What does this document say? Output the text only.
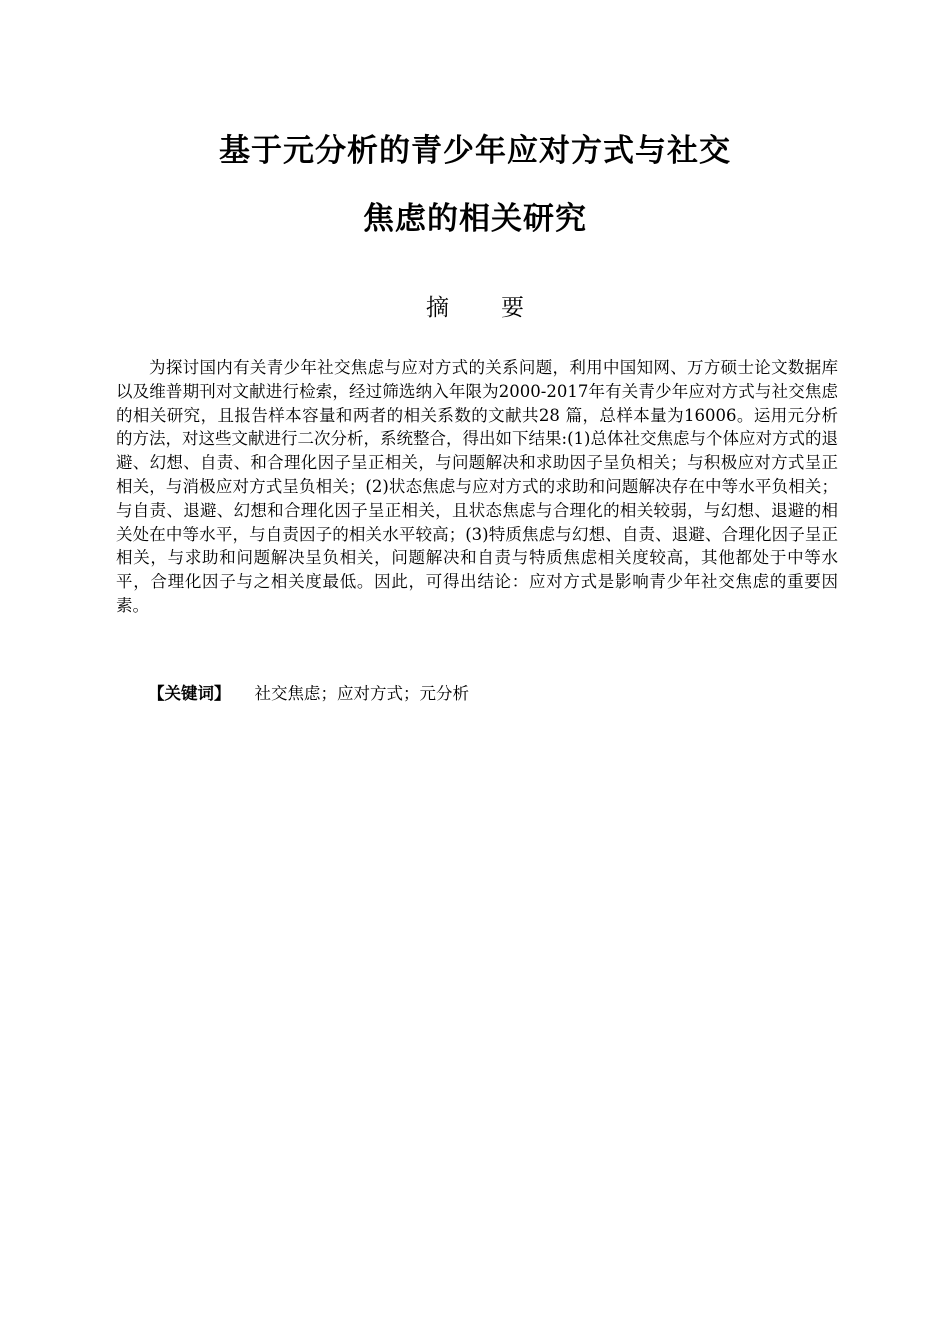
基于元分析的青少年应对方式与社交
焦虑的相关研究
摘 要

为探讨国内有关青少年社交焦虑与应对方式的关系问题，利用中国知网、万方硕士论文数据库以及维普期刊对文献进行检索，经过筛选纳入年限为2000-2017年有关青少年应对方式与社交焦虑的相关研究，且报告样本容量和两者的相关系数的文献共28 篇，总样本量为16006。运用元分析的方法，对这些文献进行二次分析，系统整合，得出如下结果:(1)总体社交焦虑与个体应对方式的退避、幻想、自责、和合理化因子呈正相关，与问题解决和求助因子呈负相关；与积极应对方式呈正相关，与消极应对方式呈负相关；(2)状态焦虑与应对方式的求助和问题解决存在中等水平负相关；与自责、退避、幻想和合理化因子呈正相关，且状态焦虑与合理化的相关较弱，与幻想、退避的相关处在中等水平，与自责因子的相关水平较高；(3)特质焦虑与幻想、自责、退避、合理化因子呈正相关，与求助和问题解决呈负相关，问题解决和自责与特质焦虑相关度较高，其他都处于中等水平，合理化因子与之相关度最低。因此，可得出结论：应对方式是影响青少年社交焦虑的重要因素。

【关键词】 社交焦虑；应对方式；元分析
